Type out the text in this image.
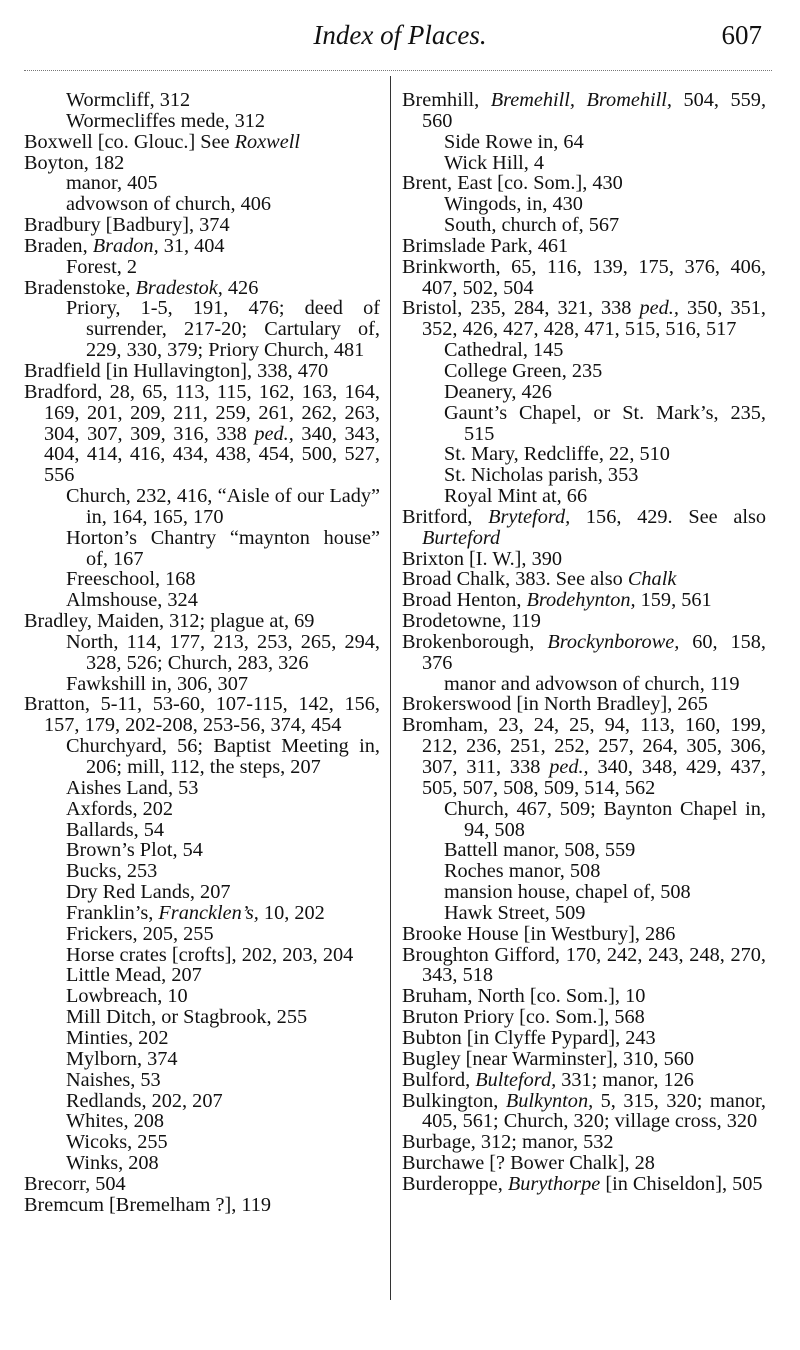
Index of Places.	607

Wormcliff, 312

Wormecliffes mede, 312

Boxwell [co. Glouc.] See Roxwell

Boyton, 182

manor, 405

advowson of church, 406

Bradbury [Badbury], 374

Braden, Bradon, 31, 404

Forest, 2

Bradenstoke, Bradestok, 426

Priory, 1-5, 191, 476; deed of surrender, 217-20; Cartulary of, 229, 330, 379; Priory Church, 481

Bradfield [in Hullavington], 338, 470

Bradford, 28, 65, 113, 115, 162, 163, 164, 169, 201, 209, 211, 259, 261, 262, 263, 304, 307, 309, 316, 338 ped., 340, 343, 404, 414, 416, 434, 438, 454, 500, 527, 556

Church, 232, 416, “Aisle of our Lady” in, 164, 165, 170

Horton’s Chantry “maynton house” of, 167

Freeschool, 168

Almshouse, 324

Bradley, Maiden, 312; plague at, 69

North, 114, 177, 213, 253, 265, 294, 328, 526; Church, 283, 326

Fawkshill in, 306, 307

Bratton, 5-11, 53-60, 107-115, 142, 156, 157, 179, 202-208, 253-56, 374, 454

Churchyard, 56; Baptist Meeting in, 206; mill, 112, the steps, 207

Aishes Land, 53

Axfords, 202

Ballards, 54

Brown’s Plot, 54

Bucks, 253

Dry Red Lands, 207

Franklin’s, Francklen’s, 10, 202

Frickers, 205, 255

Horse crates [crofts], 202, 203, 204

Little Mead, 207

Lowbreach, 10

Mill Ditch, or Stagbrook, 255

Minties, 202

Mylborn, 374

Naishes, 53

Redlands, 202, 207

Whites, 208

Wicoks, 255

Winks, 208

Brecorr, 504

Bremcum [Bremelham ?], 119

Bremhill, Bremehill, Bromehill, 504, 559, 560

Side Rowe in, 64

Wick Hill, 4

Brent, East [co. Som.], 430

Wingods, in, 430

South, church of, 567

Brimslade Park, 461

Brinkworth, 65, 116, 139, 175, 376, 406, 407, 502, 504

Bristol, 235, 284, 321, 338 ped., 350, 351, 352, 426, 427, 428, 471, 515, 516, 517

Cathedral, 145

College Green, 235

Deanery, 426

Gaunt’s Chapel, or St. Mark’s, 235, 515

St. Mary, Redcliffe, 22, 510

St. Nicholas parish, 353

Royal Mint at, 66

Britford, Bryteford, 156, 429. See also Burteford

Brixton [I. W.], 390

Broad Chalk, 383. See also Chalk

Broad Henton, Brodehynton, 159, 561

Brodetowne, 119

Brokenborough, Brockynborowe, 60, 158, 376

manor and advowson of church, 119

Brokerswood [in North Bradley], 265

Bromham, 23, 24, 25, 94, 113, 160, 199, 212, 236, 251, 252, 257, 264, 305, 306, 307, 311, 338 ped., 340, 348, 429, 437, 505, 507, 508, 509, 514, 562

Church, 467, 509; Baynton Chapel in, 94, 508

Battell manor, 508, 559

Roches manor, 508

mansion house, chapel of, 508

Hawk Street, 509

Brooke House [in Westbury], 286

Broughton Gifford, 170, 242, 243, 248, 270, 343, 518

Bruham, North [co. Som.], 10

Bruton Priory [co. Som.], 568

Bubton [in Clyffe Pypard], 243

Bugley [near Warminster], 310, 560

Bulford, Bulteford, 331; manor, 126

Bulkington, Bulkynton, 5, 315, 320; manor, 405, 561; Church, 320; village cross, 320

Burbage, 312; manor, 532

Burchawe [? Bower Chalk], 28

Burderoppe, Burythorpe [in Chiseldon], 505
